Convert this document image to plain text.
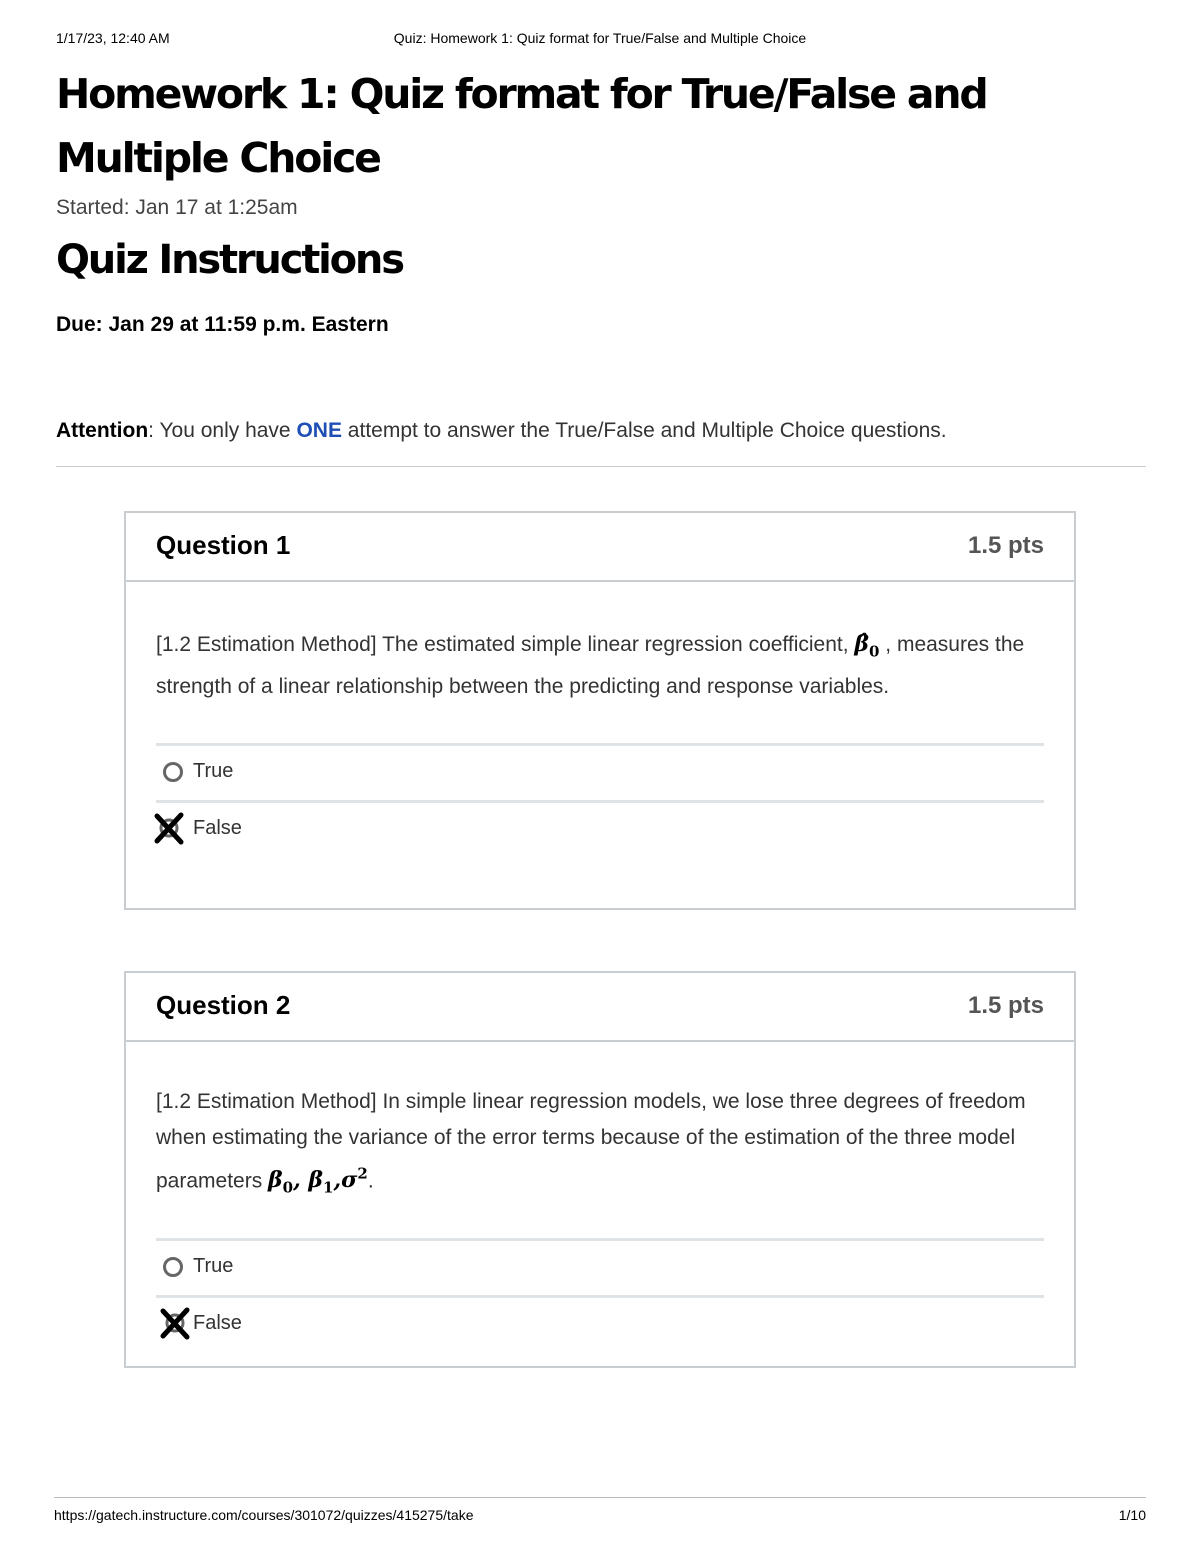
1/17/23, 12:40 AM	Quiz: Homework 1: Quiz format for True/False and Multiple Choice
Homework 1: Quiz format for True/False and Multiple Choice
Started: Jan 17 at 1:25am
Quiz Instructions
Due: Jan 29 at 11:59 p.m. Eastern
Attention: You only have ONE attempt to answer the True/False and Multiple Choice questions.
Question 1	1.5 pts
[1.2 Estimation Method] The estimated simple linear regression coefficient, $\betâ_0$ , measures the strength of a linear relationship between the predicting and response variables.
True
False
Question 2	1.5 pts
[1.2 Estimation Method] In simple linear regression models, we lose three degrees of freedom when estimating the variance of the error terms because of the estimation of the three model parameters $\beta_0$, $\beta_1,\sigma^2$.
True
False
https://gatech.instructure.com/courses/301072/quizzes/415275/take	1/10
